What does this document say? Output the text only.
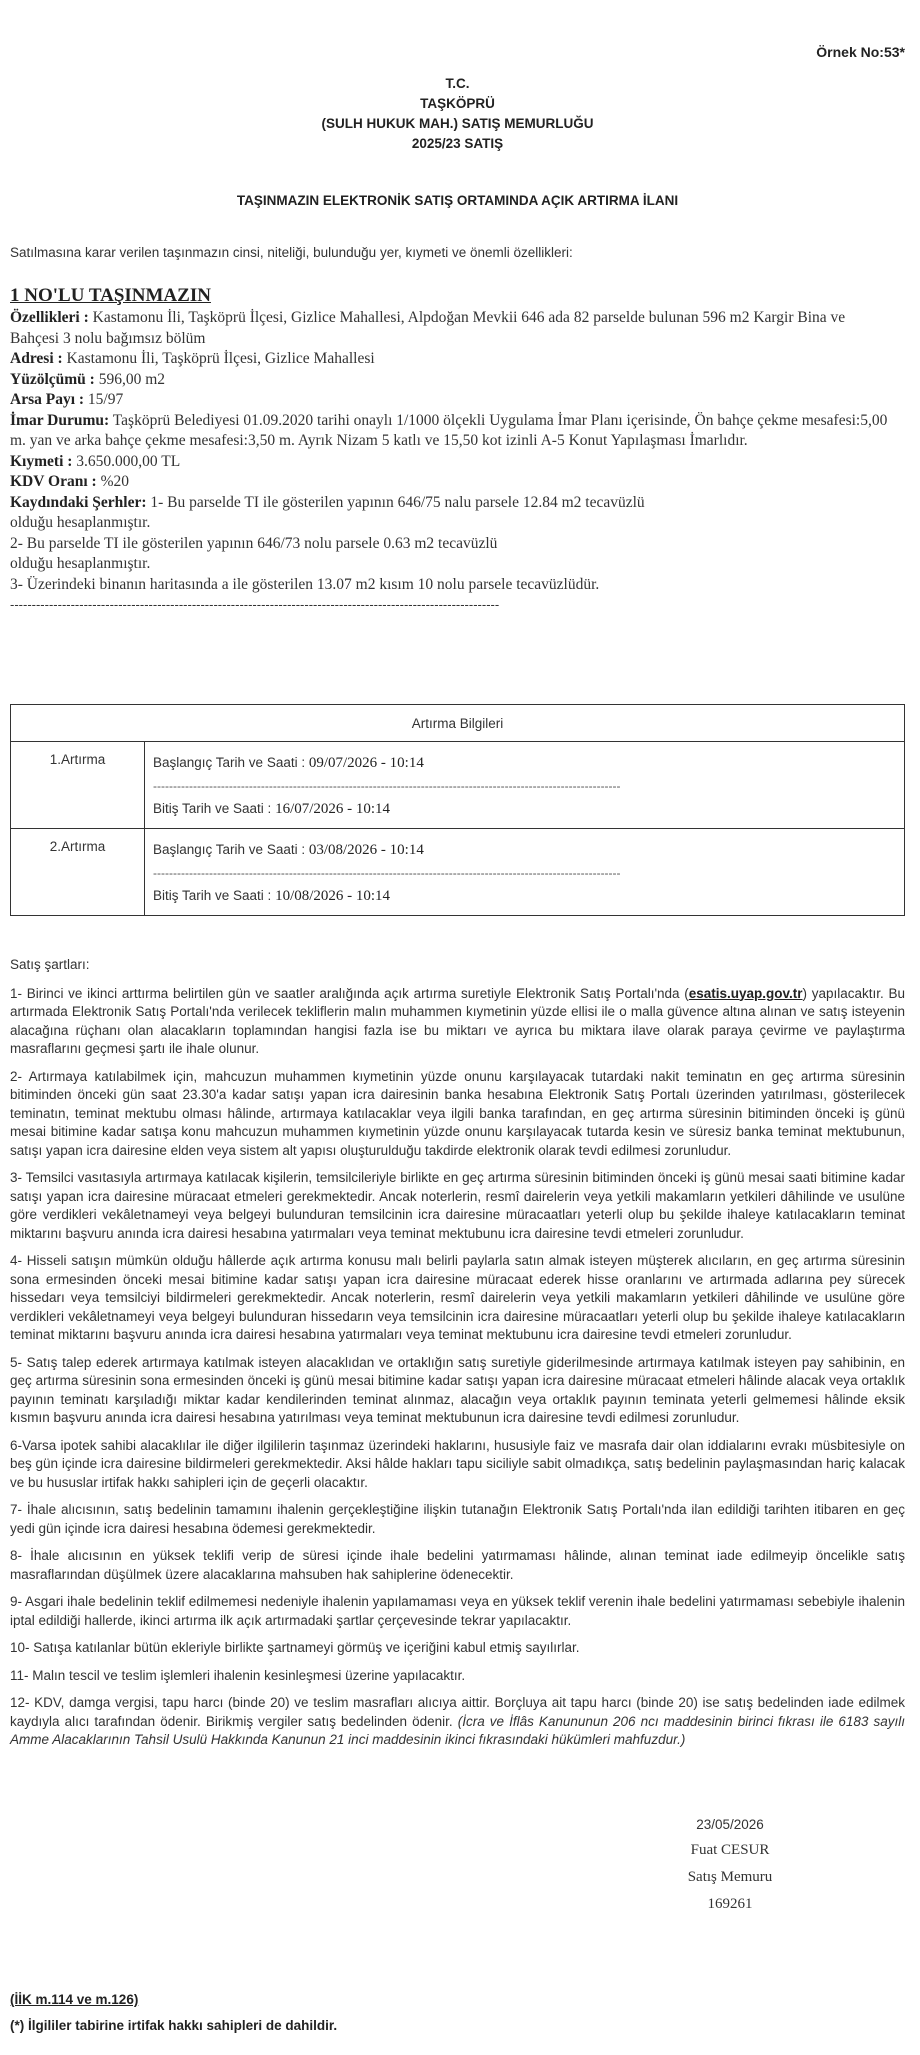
Örnek No:53*
T.C.
TAŞKÖPRÜ
(SULH HUKUK MAH.) SATIŞ MEMURLUĞU
2025/23 SATIŞ
TAŞINMAZIN ELEKTRONİK SATIŞ ORTAMINDA AÇIK ARTIRMA İLANI
Satılmasına karar verilen taşınmazın cinsi, niteliği, bulunduğu yer, kıymeti ve önemli özellikleri:
1 NO'LU TAŞINMAZIN
Özellikleri : Kastamonu İli, Taşköprü İlçesi, Gizlice Mahallesi, Alpdoğan Mevkii 646 ada 82 parselde bulunan 596 m2 Kargir Bina ve Bahçesi 3 nolu bağımsız bölüm
Adresi : Kastamonu İli, Taşköprü İlçesi, Gizlice Mahallesi
Yüzölçümü : 596,00 m2
Arsa Payı : 15/97
İmar Durumu: Taşköprü Belediyesi 01.09.2020 tarihi onaylı 1/1000 ölçekli Uygulama İmar Planı içerisinde, Ön bahçe çekme mesafesi:5,00 m. yan ve arka bahçe çekme mesafesi:3,50 m. Ayrık Nizam 5 katlı ve 15,50 kot izinli A-5 Konut Yapılaşması İmarlıdır.
Kıymeti : 3.650.000,00 TL
KDV Oranı : %20
Kaydındaki Şerhler: 1- Bu parselde TI ile gösterilen yapının 646/75 nalu parsele 12.84 m2 tecavüzlü
olduğu hesaplanmıştır.
2- Bu parselde TI ile gösterilen yapının 646/73 nolu parsele 0.63 m2 tecavüzlü
olduğu hesaplanmıştır.
3- Üzerindeki binanın haritasında a ile gösterilen 13.07 m2 kısım 10 nolu parsele tecavüzlüdür.
-----------------------------------------------------------------------------------------------------------------
Artırma Bilgileri	
1.Artırma	Başlangıç Tarih ve Saati : 09/07/2026 - 10:14
---------------------------------------------------------------------------------------------------------------------
Bitiş Tarih ve Saati : 16/07/2026 - 10:14

2.Artırma	Başlangıç Tarih ve Saati : 03/08/2026 - 10:14
---------------------------------------------------------------------------------------------------------------------
Bitiş Tarih ve Saati : 10/08/2026 - 10:14
Satış şartları:

1- Birinci ve ikinci arttırma belirtilen gün ve saatler aralığında açık artırma suretiyle Elektronik Satış Portalı'nda (esatis.uyap.gov.tr) yapılacaktır. Bu artırmada Elektronik Satış Portalı'nda verilecek tekliflerin malın muhammen kıymetinin yüzde ellisi ile o malla güvence altına alınan ve satış isteyenin alacağına rüçhanı olan alacakların toplamından hangisi fazla ise bu miktarı ve ayrıca bu miktara ilave olarak paraya çevirme ve paylaştırma masraflarını geçmesi şartı ile ihale olunur.

2- Artırmaya katılabilmek için, mahcuzun muhammen kıymetinin yüzde onunu karşılayacak tutardaki nakit teminatın en geç artırma süresinin bitiminden önceki gün saat 23.30'a kadar satışı yapan icra dairesinin banka hesabına Elektronik Satış Portalı üzerinden yatırılması, gösterilecek teminatın, teminat mektubu olması hâlinde, artırmaya katılacaklar veya ilgili banka tarafından, en geç artırma süresinin bitiminden önceki iş günü mesai bitimine kadar satışa konu mahcuzun muhammen kıymetinin yüzde onunu karşılayacak tutarda kesin ve süresiz banka teminat mektubunun, satışı yapan icra dairesine elden veya sistem alt yapısı oluşturulduğu takdirde elektronik olarak tevdi edilmesi zorunludur.

3- Temsilci vasıtasıyla artırmaya katılacak kişilerin, temsilcileriyle birlikte en geç artırma süresinin bitiminden önceki iş günü mesai saati bitimine kadar satışı yapan icra dairesine müracaat etmeleri gerekmektedir. Ancak noterlerin, resmî dairelerin veya yetkili makamların yetkileri dâhilinde ve usulüne göre verdikleri vekâletnameyi veya belgeyi bulunduran temsilcinin icra dairesine müracaatları yeterli olup bu şekilde ihaleye katılacakların teminat miktarını başvuru anında icra dairesi hesabına yatırmaları veya teminat mektubunu icra dairesine tevdi etmeleri zorunludur.

4- Hisseli satışın mümkün olduğu hâllerde açık artırma konusu malı belirli paylarla satın almak isteyen müşterek alıcıların, en geç artırma süresinin sona ermesinden önceki mesai bitimine kadar satışı yapan icra dairesine müracaat ederek hisse oranlarını ve artırmada adlarına pey sürecek hissedarı veya temsilciyi bildirmeleri gerekmektedir. Ancak noterlerin, resmî dairelerin veya yetkili makamların yetkileri dâhilinde ve usulüne göre verdikleri vekâletnameyi veya belgeyi bulunduran hissedarın veya temsilcinin icra dairesine müracaatları yeterli olup bu şekilde ihaleye katılacakların teminat miktarını başvuru anında icra dairesi hesabına yatırmaları veya teminat mektubunu icra dairesine tevdi etmeleri zorunludur.

5- Satış talep ederek artırmaya katılmak isteyen alacaklıdan ve ortaklığın satış suretiyle giderilmesinde artırmaya katılmak isteyen pay sahibinin, en geç artırma süresinin sona ermesinden önceki iş günü mesai bitimine kadar satışı yapan icra dairesine müracaat etmeleri hâlinde alacak veya ortaklık payının teminatı karşıladığı miktar kadar kendilerinden teminat alınmaz, alacağın veya ortaklık payının teminata yeterli gelmemesi hâlinde eksik kısmın başvuru anında icra dairesi hesabına yatırılması veya teminat mektubunun icra dairesine tevdi edilmesi zorunludur.

6-Varsa ipotek sahibi alacaklılar ile diğer ilgililerin taşınmaz üzerindeki haklarını, hususiyle faiz ve masrafa dair olan iddialarını evrakı müsbitesiyle on beş gün içinde icra dairesine bildirmeleri gerekmektedir. Aksi hâlde hakları tapu siciliyle sabit olmadıkça, satış bedelinin paylaşmasından hariç kalacak ve bu hususlar irtifak hakkı sahipleri için de geçerli olacaktır.

7- İhale alıcısının, satış bedelinin tamamını ihalenin gerçekleştiğine ilişkin tutanağın Elektronik Satış Portalı'nda ilan edildiği tarihten itibaren en geç yedi gün içinde icra dairesi hesabına ödemesi gerekmektedir.

8- İhale alıcısının en yüksek teklifi verip de süresi içinde ihale bedelini yatırmaması hâlinde, alınan teminat iade edilmeyip öncelikle satış masraflarından düşülmek üzere alacaklarına mahsuben hak sahiplerine ödenecektir.

9- Asgari ihale bedelinin teklif edilmemesi nedeniyle ihalenin yapılamaması veya en yüksek teklif verenin ihale bedelini yatırmaması sebebiyle ihalenin iptal edildiği hallerde, ikinci artırma ilk açık artırmadaki şartlar çerçevesinde tekrar yapılacaktır.

10- Satışa katılanlar bütün ekleriyle birlikte şartnameyi görmüş ve içeriğini kabul etmiş sayılırlar.

11- Malın tescil ve teslim işlemleri ihalenin kesinleşmesi üzerine yapılacaktır.

12- KDV, damga vergisi, tapu harcı (binde 20) ve teslim masrafları alıcıya aittir. Borçluya ait tapu harcı (binde 20) ise satış bedelinden iade edilmek kaydıyla alıcı tarafından ödenir. Birikmiş vergiler satış bedelinden ödenir. (İcra ve İflâs Kanununun 206 ncı maddesinin birinci fıkrası ile 6183 sayılı Amme Alacaklarının Tahsil Usulü Hakkında Kanunun 21 inci maddesinin ikinci fıkrasındaki hükümleri mahfuzdur.)

23/05/2026
Fuat CESUR
Satış Memuru
169261
(İİK m.114 ve m.126)
(*) İlgililer tabirine irtifak hakkı sahipleri de dahildir.
